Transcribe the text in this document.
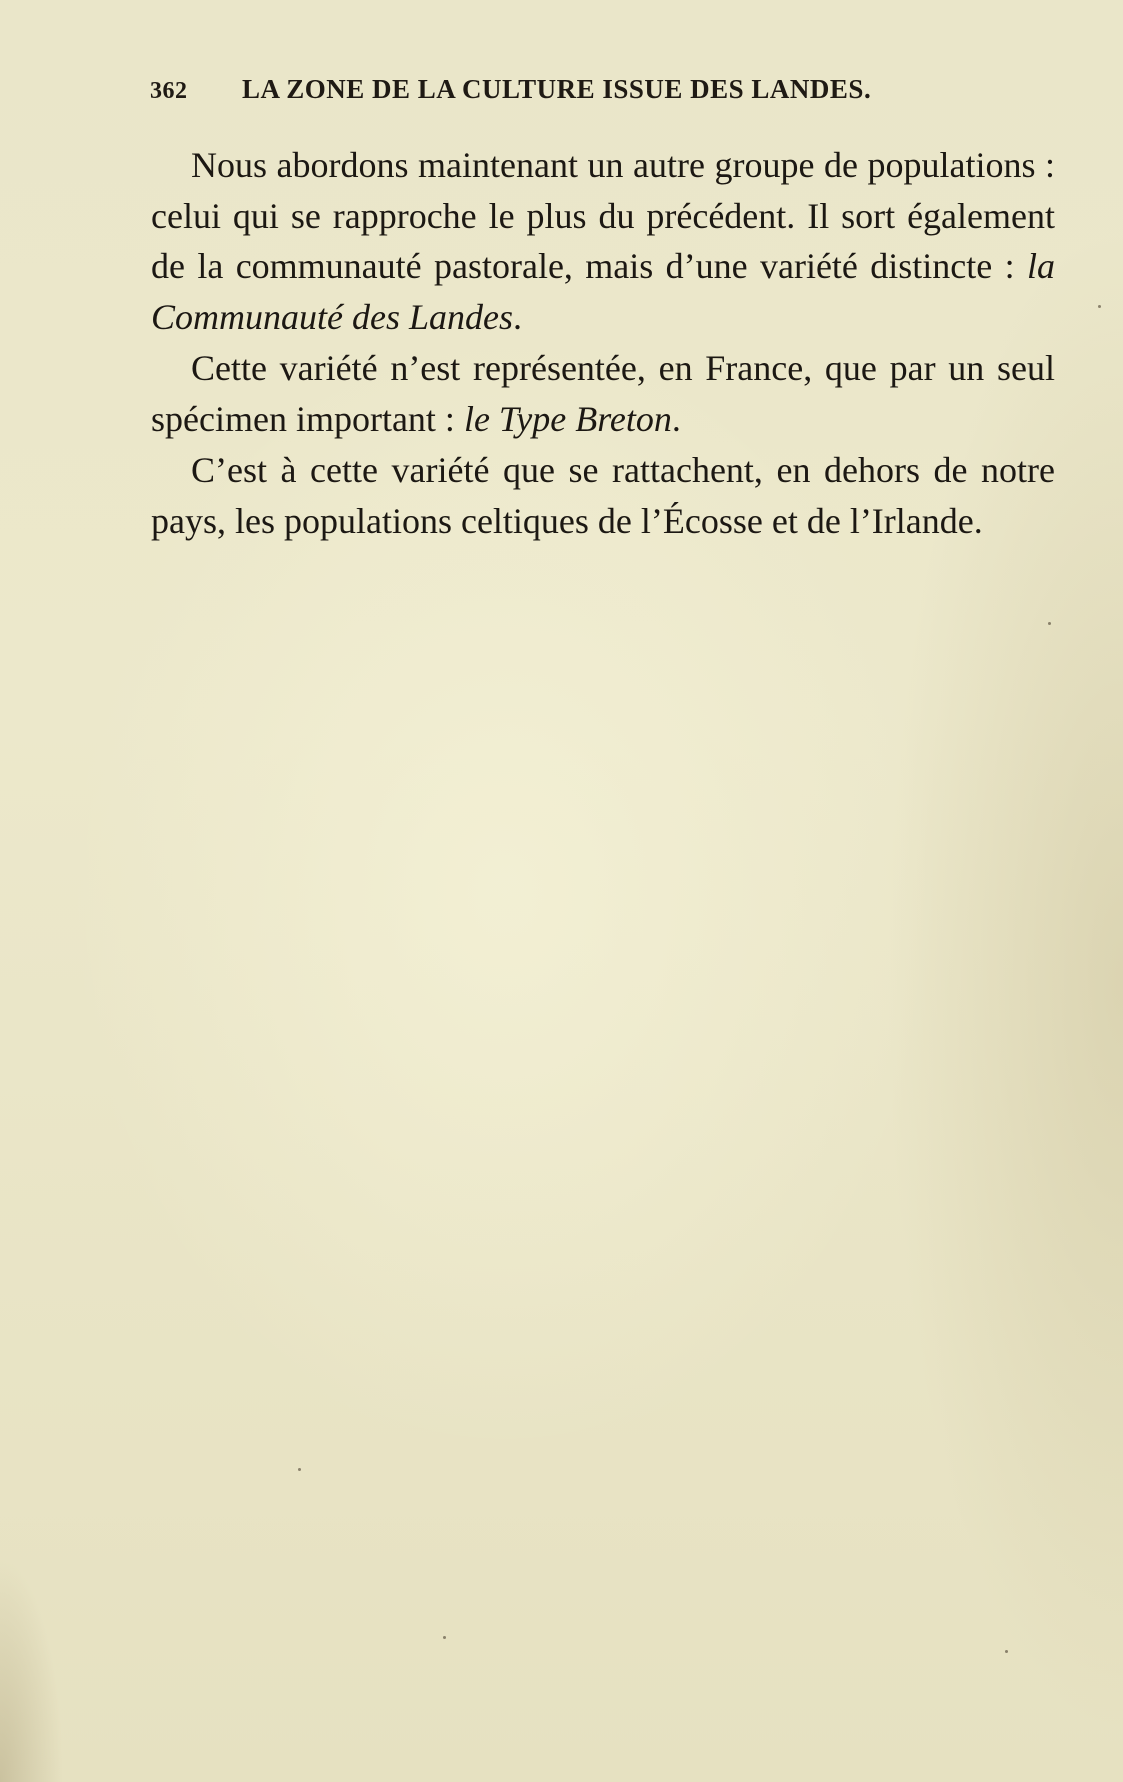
362 LA ZONE DE LA CULTURE ISSUE DES LANDES.

Nous abordons maintenant un autre groupe de populations : celui qui se rapproche le plus du précédent. Il sort également de la communauté pastorale, mais d’une variété distincte : la Communauté des Landes.

Cette variété n’est représentée, en France, que par un seul spécimen important : le Type Breton.

C’est à cette variété que se rattachent, en dehors de notre pays, les populations celtiques de l’Écosse et de l’Irlande.
